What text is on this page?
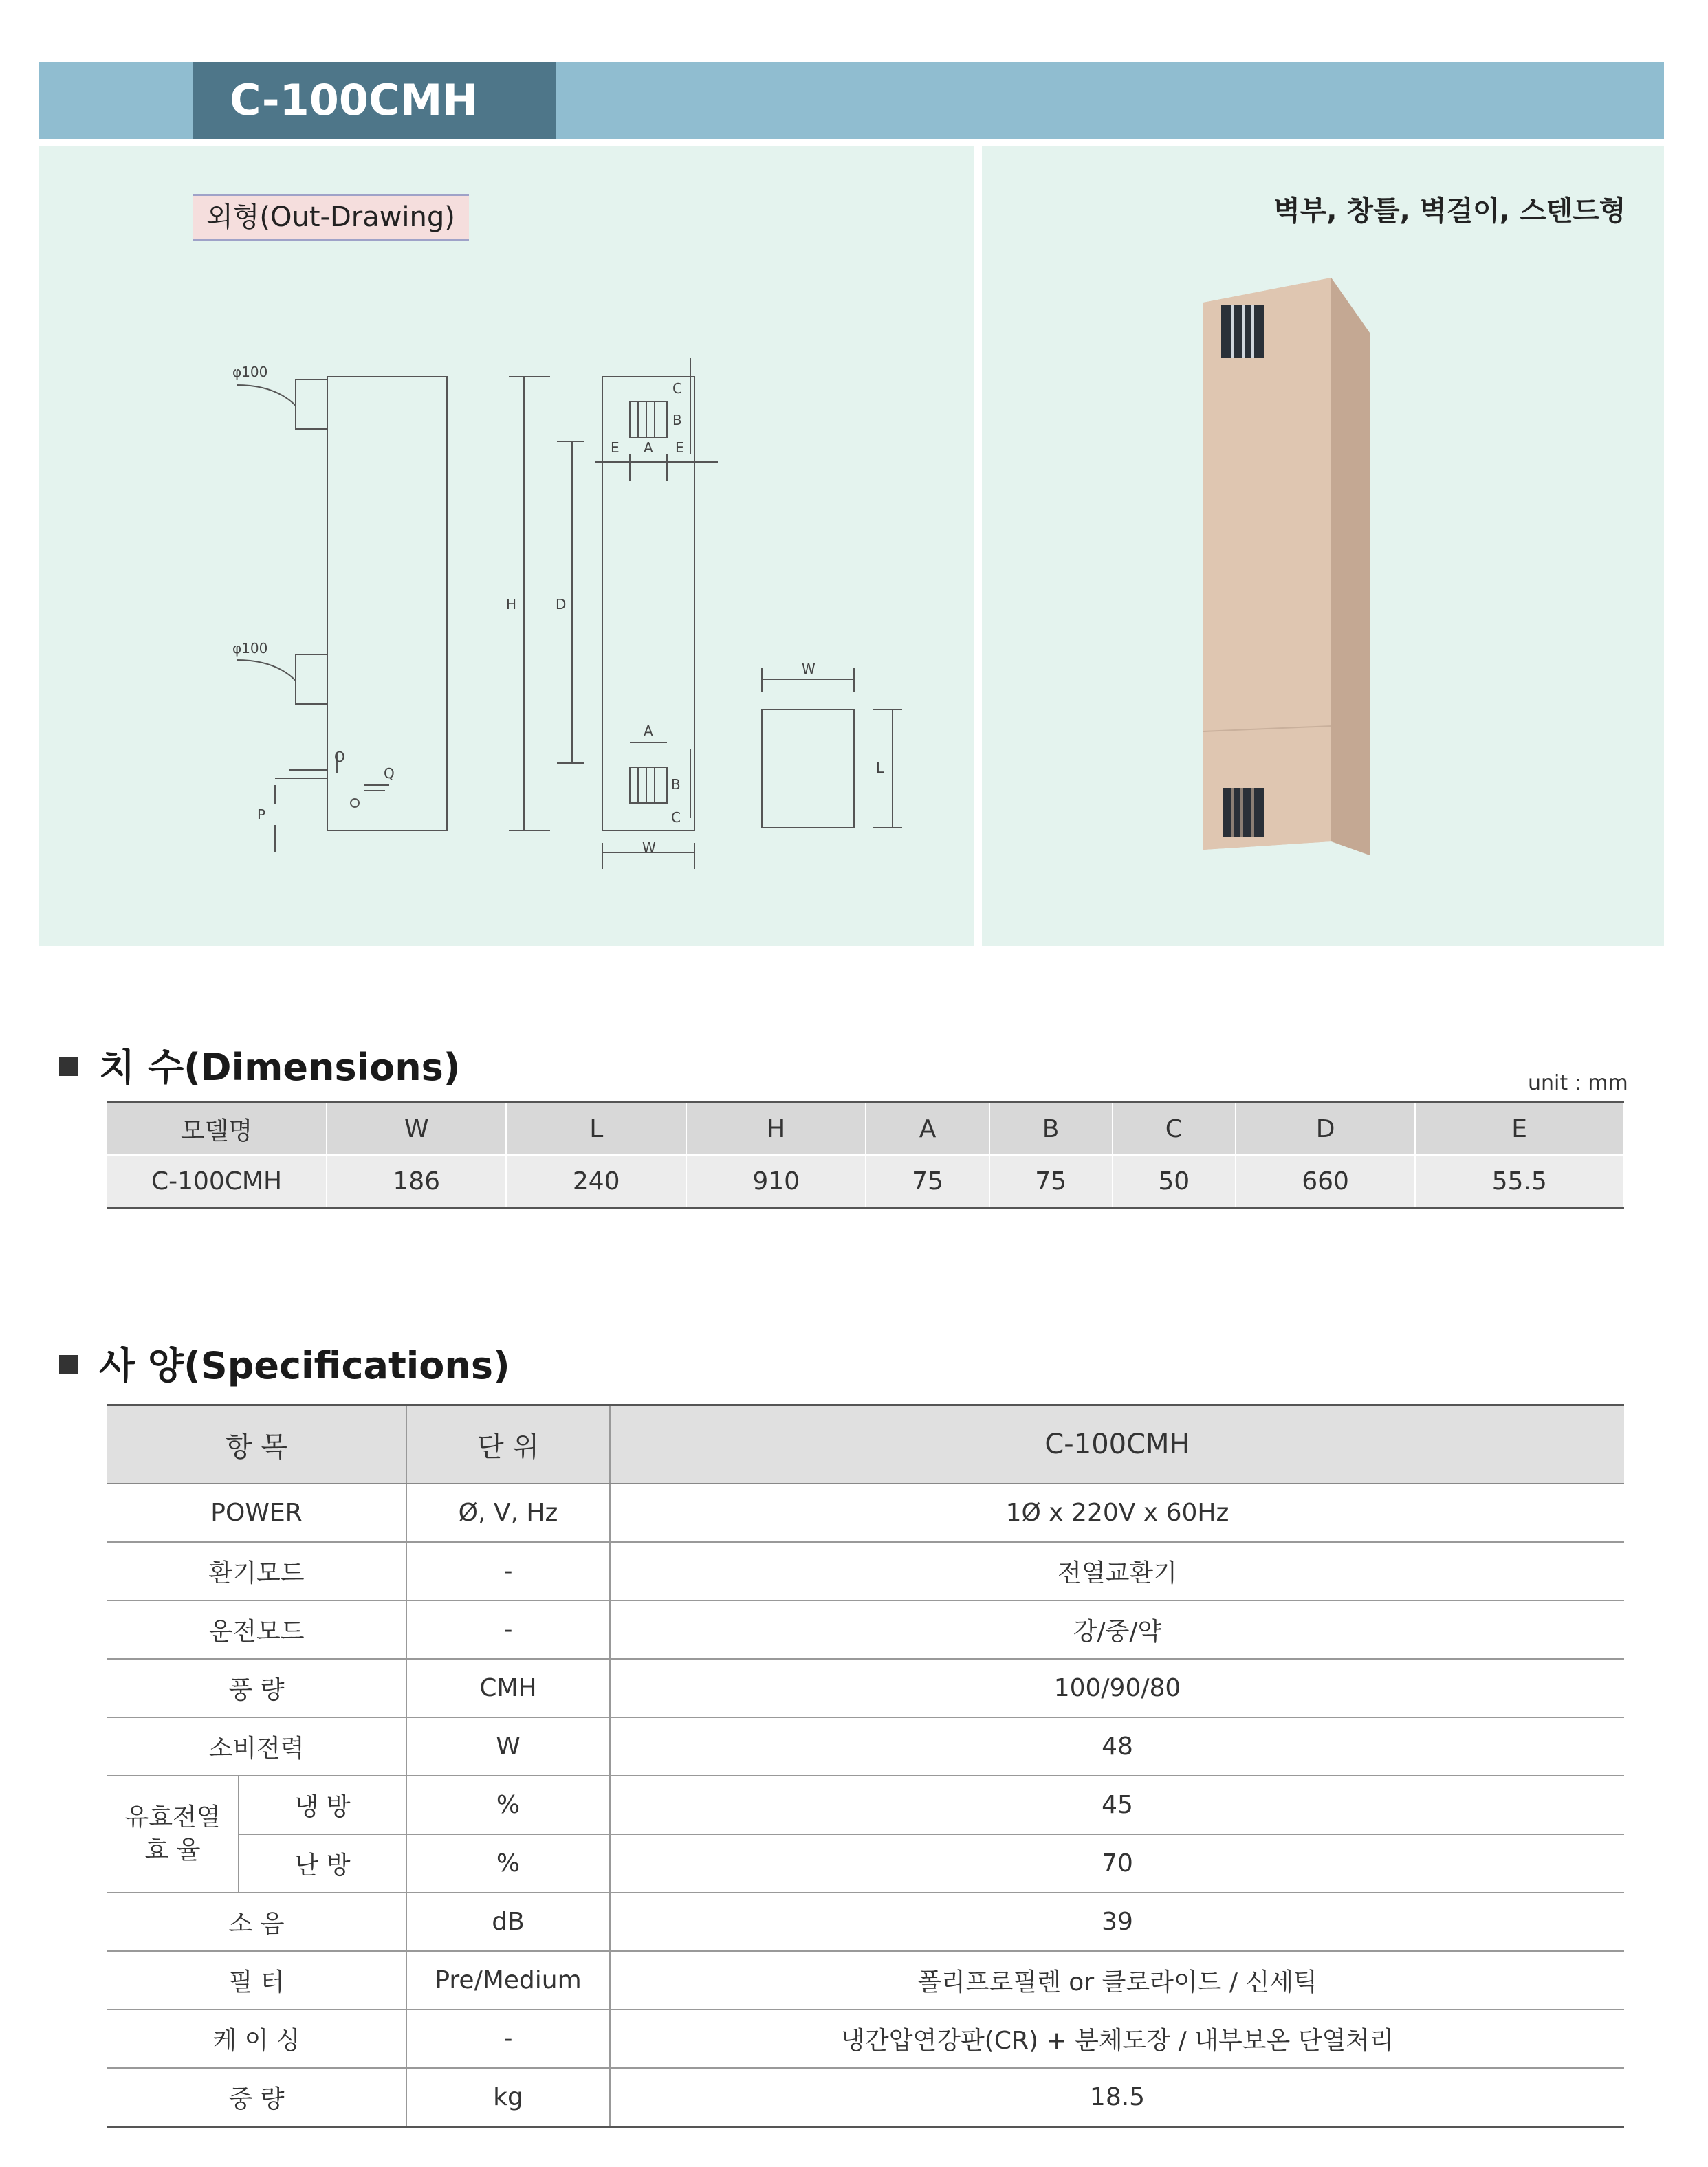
C-100CMH
외형(Out-Drawing)	벽부, 창틀, 벽걸이, 스텐드형
φ100
φ100
O
Q
P
H	D
C
B
E A E
A
B
C
W
W
L
치 수(Dimensions)	unit : mm
모델명	W	L	H	A	B	C	D	E
C-100CMH	186	240	910	75	75	50	660	55.5
사 양(Specifications)
항 목		단 위	C-100CMH
POWER		Ø, V, Hz	1Ø x 220V x 60Hz
환기모드		-	전열교환기
운전모드		-	강/중/약
풍 량		CMH	100/90/80
소비전력		W	48

유효전열
효 율	냉 방	%	45
	난 방	%	70
소 음		dB	39
필 터		Pre/Medium	폴리프로필렌 or 클로라이드 / 신세틱
케 이 싱		-	냉간압연강판(CR) + 분체도장 / 내부보온 단열처리
중 량		kg	18.5
